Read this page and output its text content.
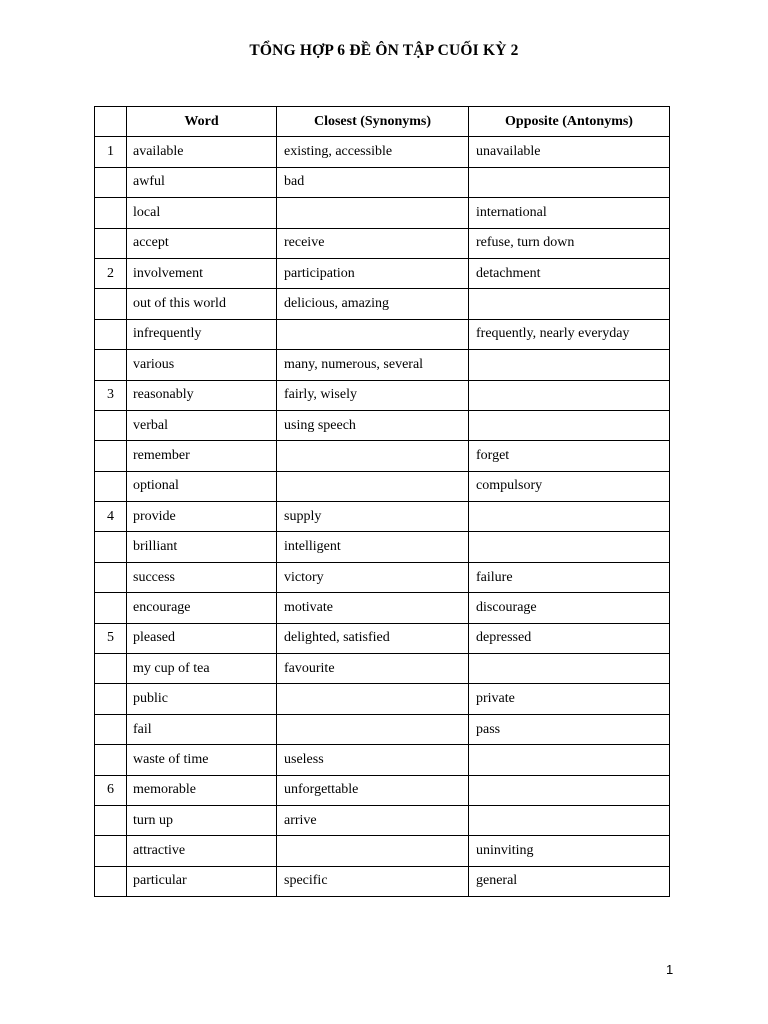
TỔNG HỢP 6 ĐỀ ÔN TẬP CUỐI KỲ 2
	Word	Closest (Synonyms)	Opposite (Antonyms)
1	available	existing, accessible	unavailable
	awful	bad	
	local		international
	accept	receive	refuse, turn down
2	involvement	participation	detachment
	out of this world	delicious, amazing	
	infrequently		frequently, nearly everyday
	various	many, numerous, several	
3	reasonably	fairly, wisely	
	verbal	using speech	
	remember		forget
	optional		compulsory
4	provide	supply	
	brilliant	intelligent	
	success	victory	failure
	encourage	motivate	discourage
5	pleased	delighted, satisfied	depressed
	my cup of tea	favourite	
	public		private
	fail		pass
	waste of time	useless	
6	memorable	unforgettable	
	turn up	arrive	
	attractive		uninviting
	particular	specific	general
1
